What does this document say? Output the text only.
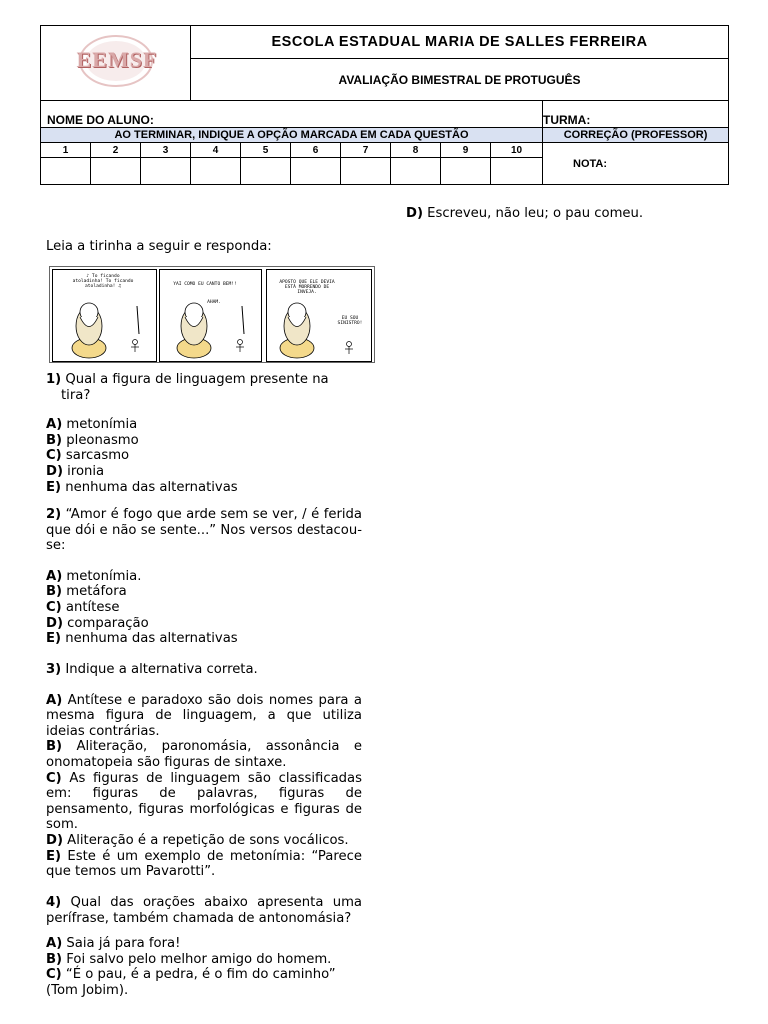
EEMSF			ESCOLA ESTADUAL MARIA DE SALLES FERREIRA							
			AVALIAÇÃO BIMESTRAL DE PROTUGUÊS							
NOME DO ALUNO:										TURMA:
AO TERMINAR, INDIQUE A OPÇÃO MARCADA EM CADA QUESTÃO										CORREÇÃO (PROFESSOR)
1	2	3	4	5	6	7	8	9	10	NOTA:

D) Escreveu, não leu; o pau comeu.
Leia a tirinha a seguir e responda:
♪ To ficando atoladinha! To ficando atoladinha! ♫	YAI COMO EU CANTO BEM!!
AHAM.
APOSTO QUE ELE DEVIA ESTÁ MORRENDO DE INVEJA.
EU SOU SINISTRO!
1) Qual a figura de linguagem presente na tira?
A) metonímia
B) pleonasmo
C) sarcasmo
D) ironia
E) nenhuma das alternativas
2) “Amor é fogo que arde sem se ver, / é ferida que dói e não se sente...” Nos versos destacou-se:
A) metonímia.
B) metáfora
C) antítese
D) comparação
E) nenhuma das alternativas
3) Indique a alternativa correta.
A) Antítese e paradoxo são dois nomes para a mesma figura de linguagem, a que utiliza ideias contrárias.
B) Aliteração, paronomásia, assonância e onomatopeia são figuras de sintaxe.
C) As figuras de linguagem são classificadas em: figuras de palavras, figuras de pensamento, figuras morfológicas e figuras de som.
D) Aliteração é a repetição de sons vocálicos.
E) Este é um exemplo de metonímia: “Parece que temos um Pavarotti”.
4) Qual das orações abaixo apresenta uma perífrase, também chamada de antonomásia?
A) Saia já para fora!
B) Foi salvo pelo melhor amigo do homem.
C) “É o pau, é a pedra, é o fim do caminho” (Tom Jobim).
